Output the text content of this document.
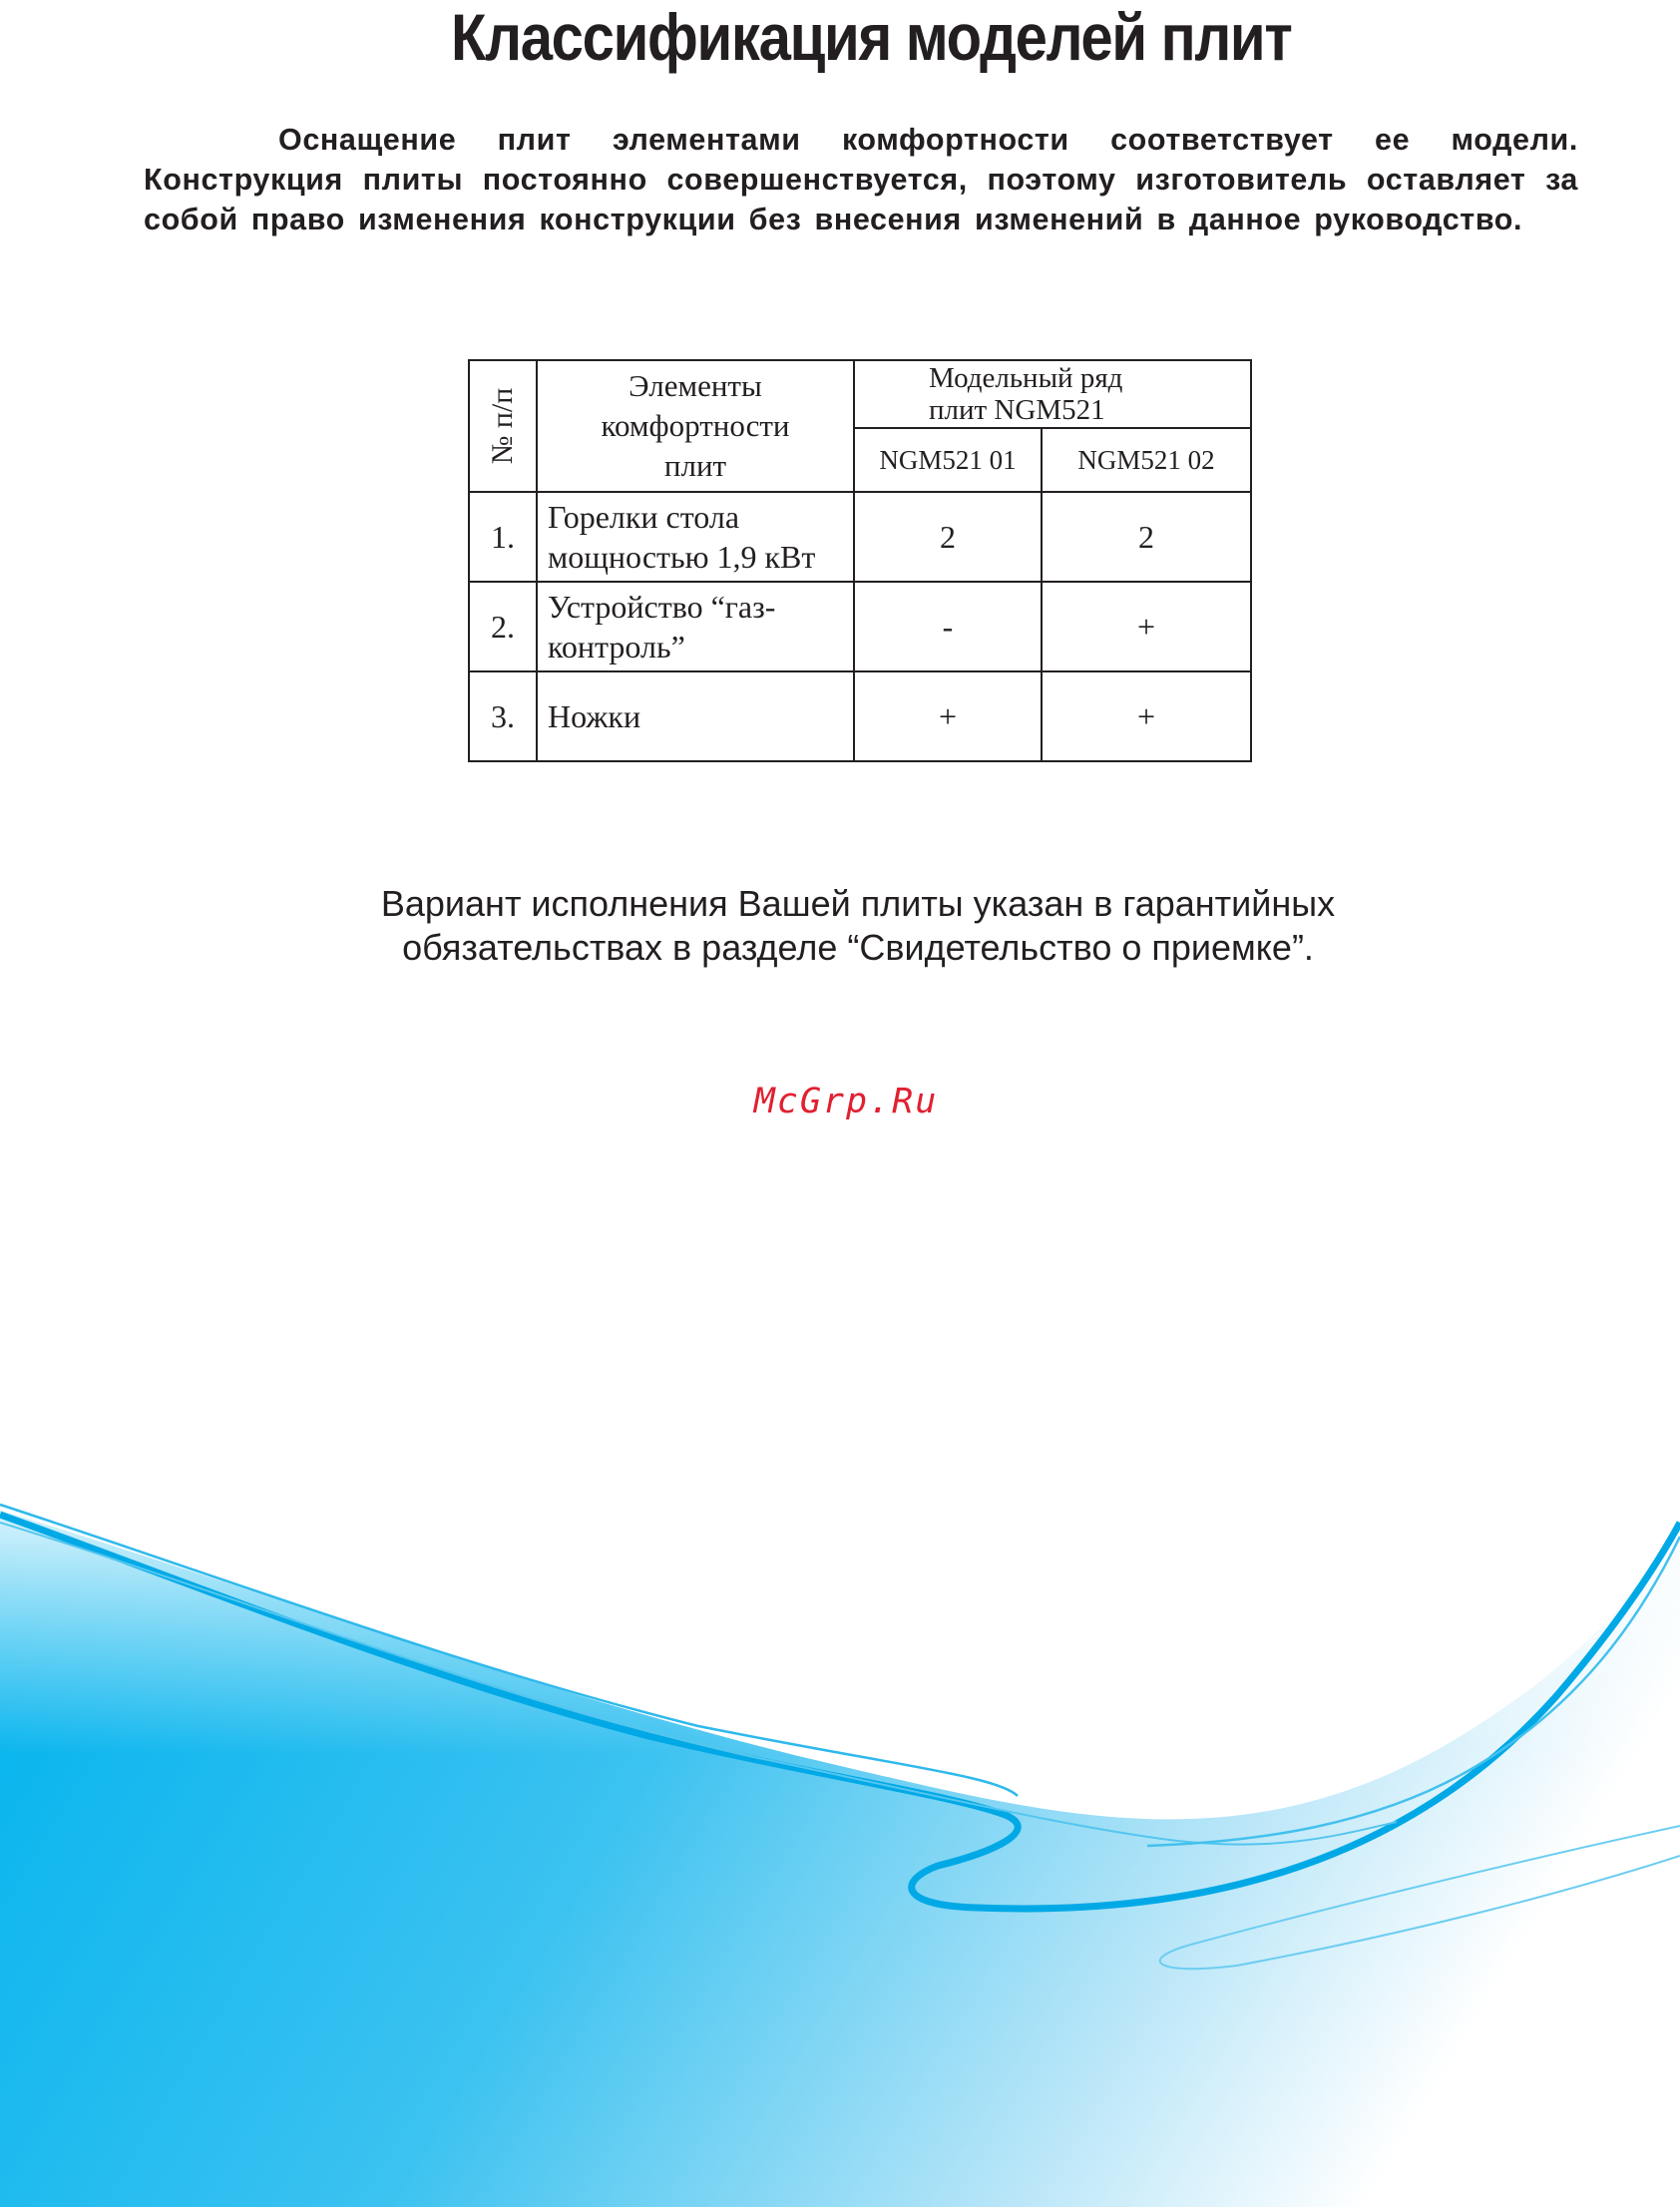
Классификация моделей плит
Оснащение плит элементами комфортности соответствует ее модели. Конструкция плиты постоянно совершенствуется, поэтому изготовитель оставляет за собой право изменения конструкции без внесения изменений в данное руководство.
№ п/п	Элементы комфортности плит	Модельный ряд плит NGM521	

		NGM521 01	NGM521 02
1.	Горелки стола мощностью 1,9 кВт	2	2
2.	Устройство “газ-контроль”	-	+
3.	Ножки	+	+
Вариант исполнения Вашей плиты указан в гарантийных
обязательствах в разделе “Свидетельство о приемке”.
McGrp.Ru
